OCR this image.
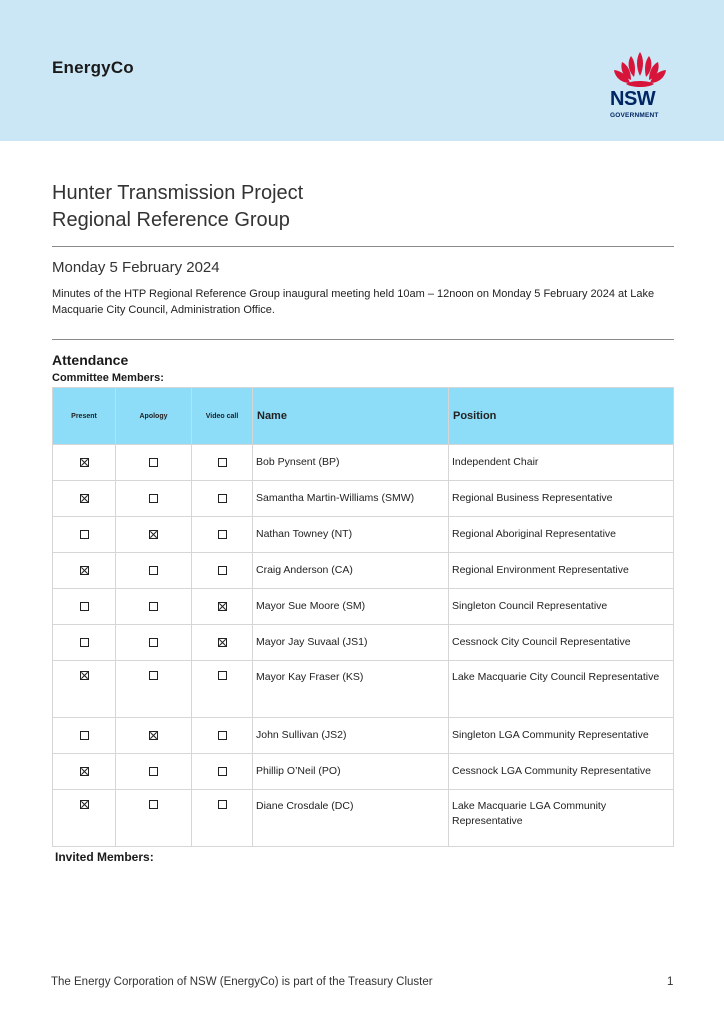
EnergyCo
NSW
GOVERNMENT
Hunter Transmission Project
Regional Reference Group
Monday 5 February 2024
Minutes of the HTP Regional Reference Group inaugural meeting held 10am – 12noon on Monday 5 February 2024 at Lake Macquarie City Council, Administration Office.
Attendance
Committee Members:
Present	Apology	Video call	Name	Position
			Bob Pynsent (BP)	Independent Chair
			Samantha Martin-Williams (SMW)	Regional Business Representative
			Nathan Towney (NT)	Regional Aboriginal Representative
			Craig Anderson (CA)	Regional Environment Representative
			Mayor Sue Moore (SM)	Singleton Council Representative
			Mayor Jay Suvaal (JS1)	Cessnock City Council Representative
			Mayor Kay Fraser (KS)	Lake Macquarie City Council Representative
			John Sullivan (JS2)	Singleton LGA Community Representative
			Phillip O’Neil (PO)	Cessnock LGA Community Representative
			Diane Crosdale (DC)	Lake Macquarie LGA Community Representative
Invited Members:
The Energy Corporation of NSW (EnergyCo) is part of the Treasury Cluster	1
